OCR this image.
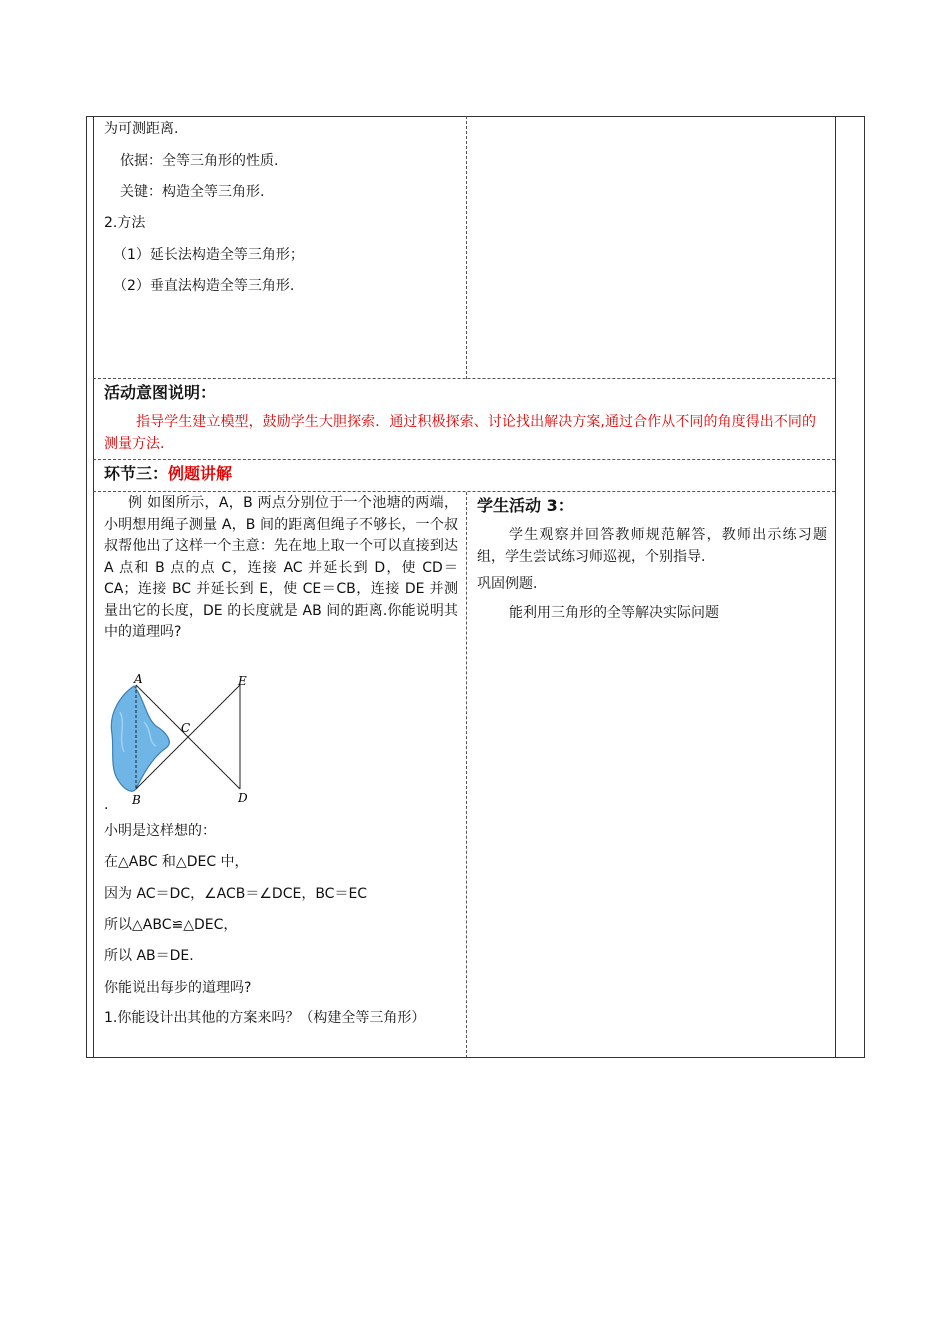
为可测距离.
依据：全等三角形的性质.
关键：构造全等三角形.
2.方法
（1）延长法构造全等三角形；
（2）垂直法构造全等三角形.
活动意图说明：
指导学生建立模型，鼓励学生大胆探索．通过积极探索、讨论找出解决方案,通过合作从不同的角度得出不同的测量方法.
环节三：例题讲解
例 如图所示，A，B 两点分别位于一个池塘的两端，小明想用绳子测量 A，B 间的距离但绳子不够长，一个叔叔帮他出了这样一个主意：先在地上取一个可以直接到达 A 点和 B 点的点 C，连接 AC 并延长到 D，使 CD＝CA；连接 BC 并延长到 E，使 CE＝CB，连接 DE 并测量出它的长度，DE 的长度就是 AB 间的距离.你能说明其中的道理吗?
A
B
C
D
E
.
小明是这样想的：
在△ABC 和△DEC 中，
因为 AC＝DC，∠ACB＝∠DCE，BC＝EC
所以△ABC≌△DEC，
所以 AB＝DE.
你能说出每步的道理吗?
1.你能设计出其他的方案来吗？（构建全等三角形）
学生活动 3：
学生观察并回答教师规范解答，教师出示练习题组，学生尝试练习师巡视，个别指导.
巩固例题.
能利用三角形的全等解决实际问题
